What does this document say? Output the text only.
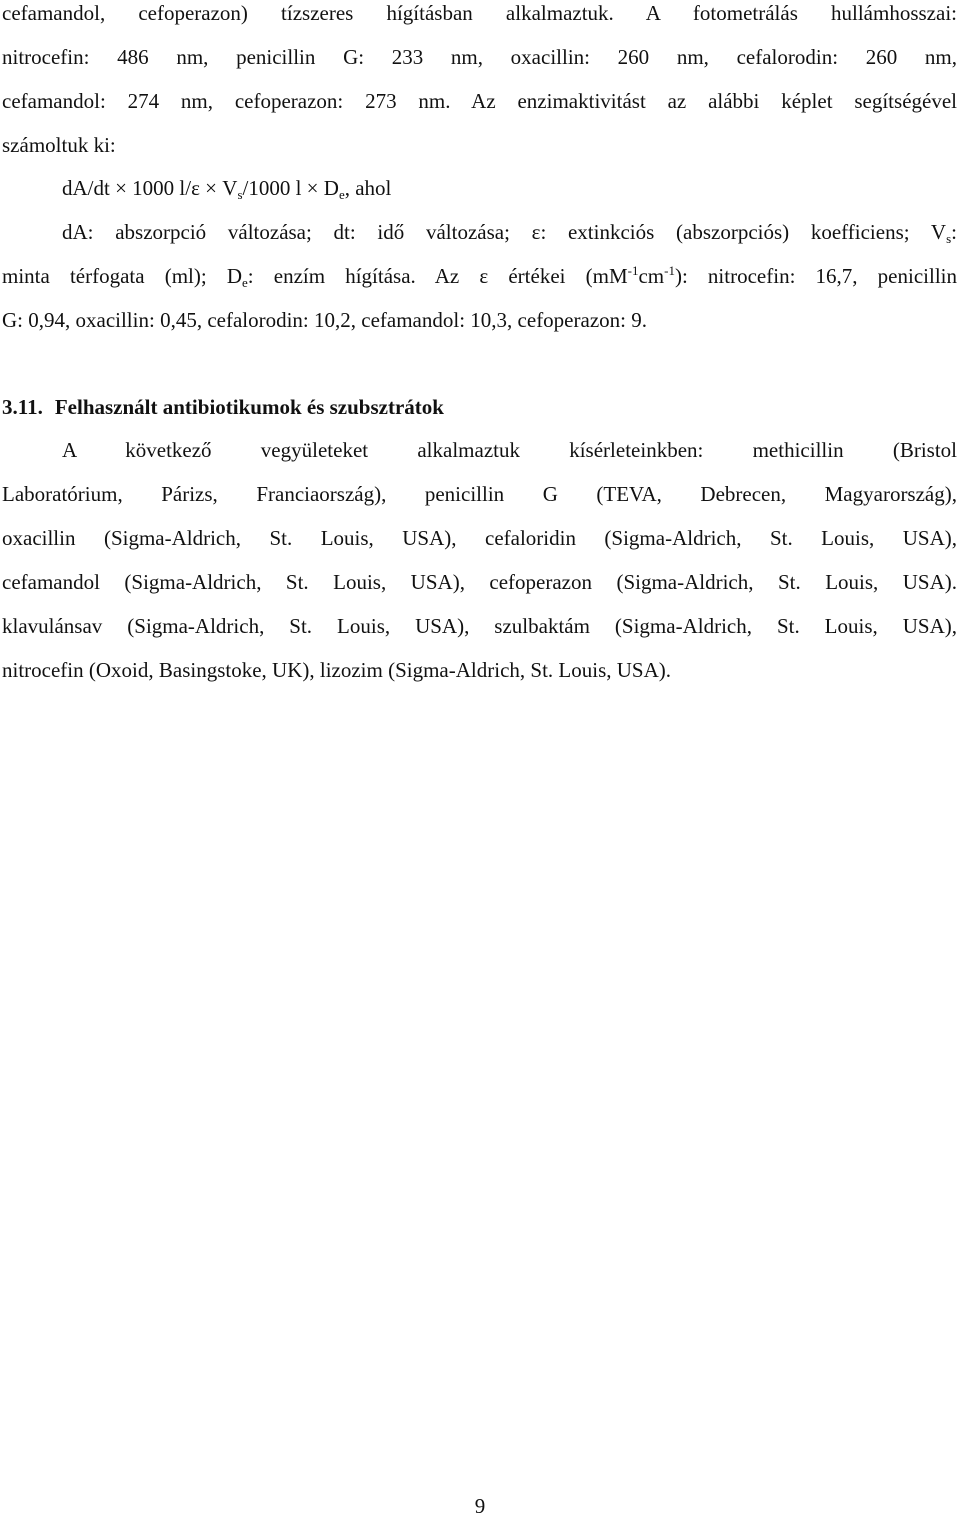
cefamandol, cefoperazon) tízszeres hígításban alkalmaztuk. A fotometrálás hullámhosszai:
nitrocefin: 486 nm, penicillin G: 233 nm, oxacillin: 260 nm, cefalorodin: 260 nm,
cefamandol: 274 nm, cefoperazon: 273 nm. Az enzimaktivitást az alábbi képlet segítségével
számoltuk ki:
dA/dt × 1000 $l/\varepsilon \times V_s/1000$ $l \times D_e$, ahol
dA: abszorpció változása; dt: idő változása; ε: extinkciós (abszorpciós) koefficiens; $V_s$:
minta térfogata (ml); $D_e$: enzím hígítása. Az ε értékei $(mM^{-1}cm^{-1})$: nitrocefin: 16,7, penicillin
G: 0,94, oxacillin: 0,45, cefalorodin: 10,2, cefamandol: 10,3, cefoperazon: 9.
3.11. Felhasznált antibiotikumok és szubsztrátok
A következő vegyületeket alkalmaztuk kísérleteinkben: methicillin (Bristol
Laboratórium, Párizs, Franciaország), penicillin G (TEVA, Debrecen, Magyarország),
oxacillin (Sigma-Aldrich, St. Louis, USA), cefaloridin (Sigma-Aldrich, St. Louis, USA),
cefamandol (Sigma-Aldrich, St. Louis, USA), cefoperazon (Sigma-Aldrich, St. Louis, USA).
klavulánsav (Sigma-Aldrich, St. Louis, USA), szulbaktám (Sigma-Aldrich, St. Louis, USA),
nitrocefin (Oxoid, Basingstoke, UK), lizozim (Sigma-Aldrich, St. Louis, USA).
9
